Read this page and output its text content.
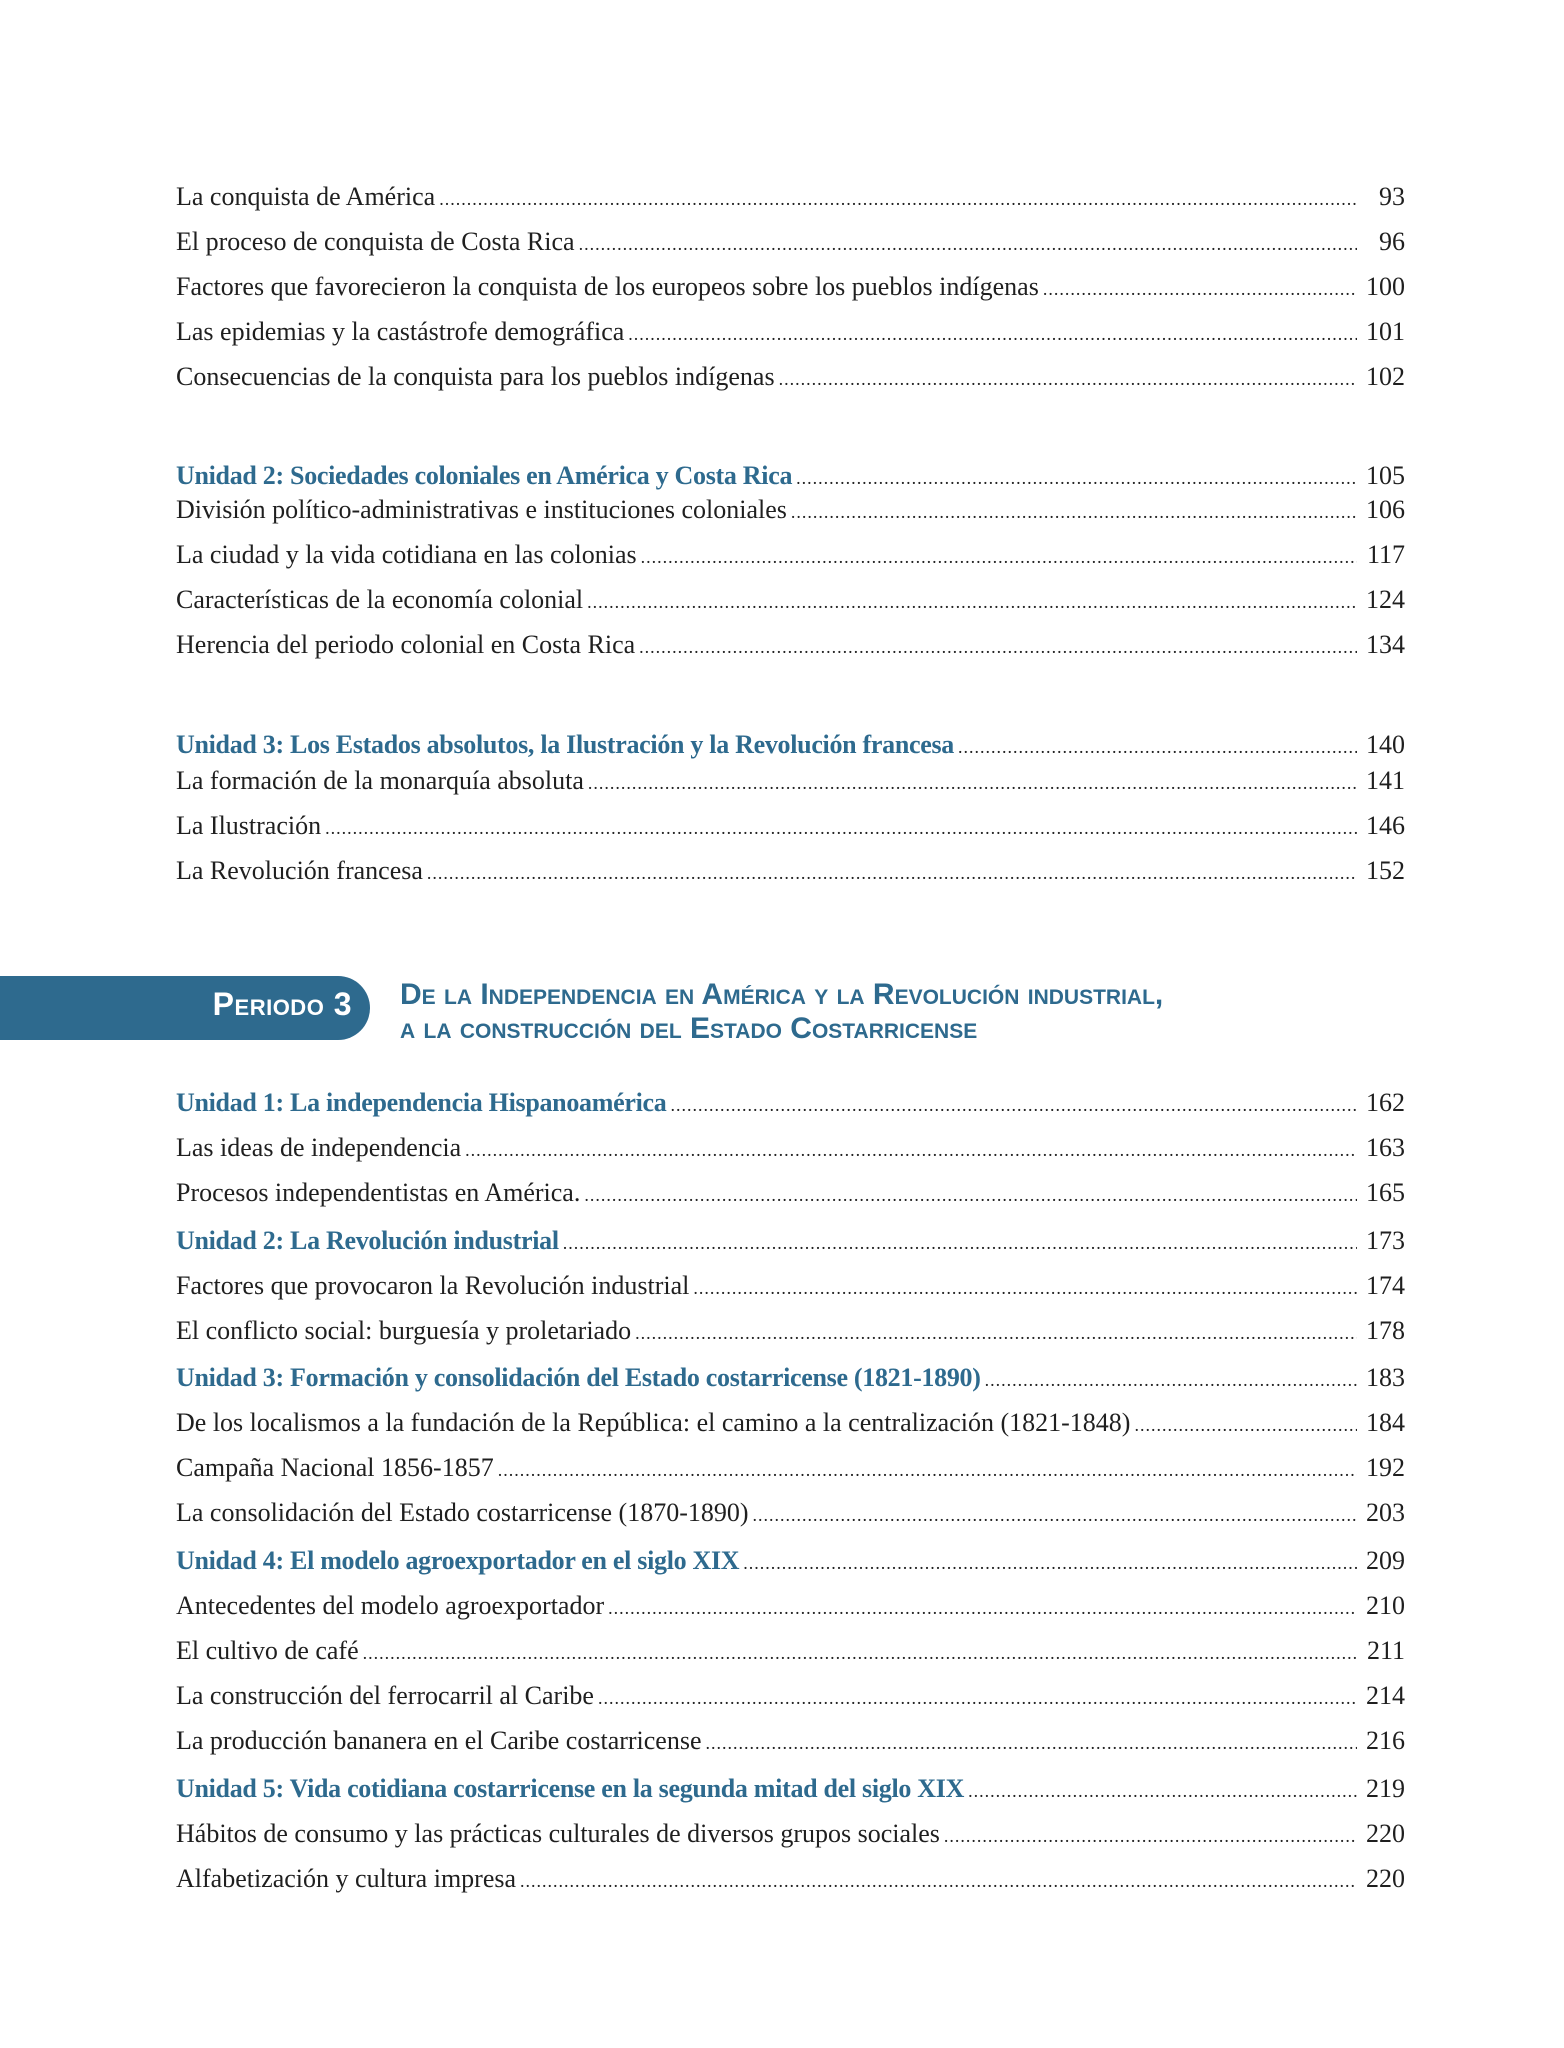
La conquista de América .....	93
El proceso de conquista de Costa Rica .....	96
Factores que favorecieron la conquista de los europeos sobre los pueblos indígenas .....	100
Las epidemias y la castástrofe demográfica .....	101
Consecuencias de la conquista para los pueblos indígenas .....	102
Unidad 2: Sociedades coloniales en América y Costa Rica .....	105
División político-administrativas e instituciones coloniales .....	106
La ciudad y la vida cotidiana en las colonias .....	117
Características de la economía colonial .....	124
Herencia del periodo colonial en Costa Rica .....	134
Unidad 3: Los Estados absolutos, la Ilustración y la Revolución francesa .....	140
La formación de la monarquía absoluta .....	141
La Ilustración .....	146
La Revolución francesa .....	152
Periodo 3 De la Independencia en América y la Revolución industrial,
a la construcción del Estado Costarricense
Unidad 1: La independencia Hispanoamérica .....	162
Las ideas de independencia .....	163
Procesos independentistas en América. .....	165
Unidad 2: La Revolución industrial .....	173
Factores que provocaron la Revolución industrial .....	174
El conflicto social: burguesía y proletariado .....	178
Unidad 3: Formación y consolidación del Estado costarricense (1821-1890) .....	183
De los localismos a la fundación de la República: el camino a la centralización (1821-1848) .....	184
Campaña Nacional 1856-1857 .....	192
La consolidación del Estado costarricense (1870-1890) .....	203
Unidad 4: El modelo agroexportador en el siglo XIX .....	209
Antecedentes del modelo agroexportador .....	210
El cultivo de café .....	211
La construcción del ferrocarril al Caribe .....	214
La producción bananera en el Caribe costarricense .....	216
Unidad 5: Vida cotidiana costarricense en la segunda mitad del siglo XIX .....	219
Hábitos de consumo y las prácticas culturales de diversos grupos sociales .....	220
Alfabetización y cultura impresa .....	220
